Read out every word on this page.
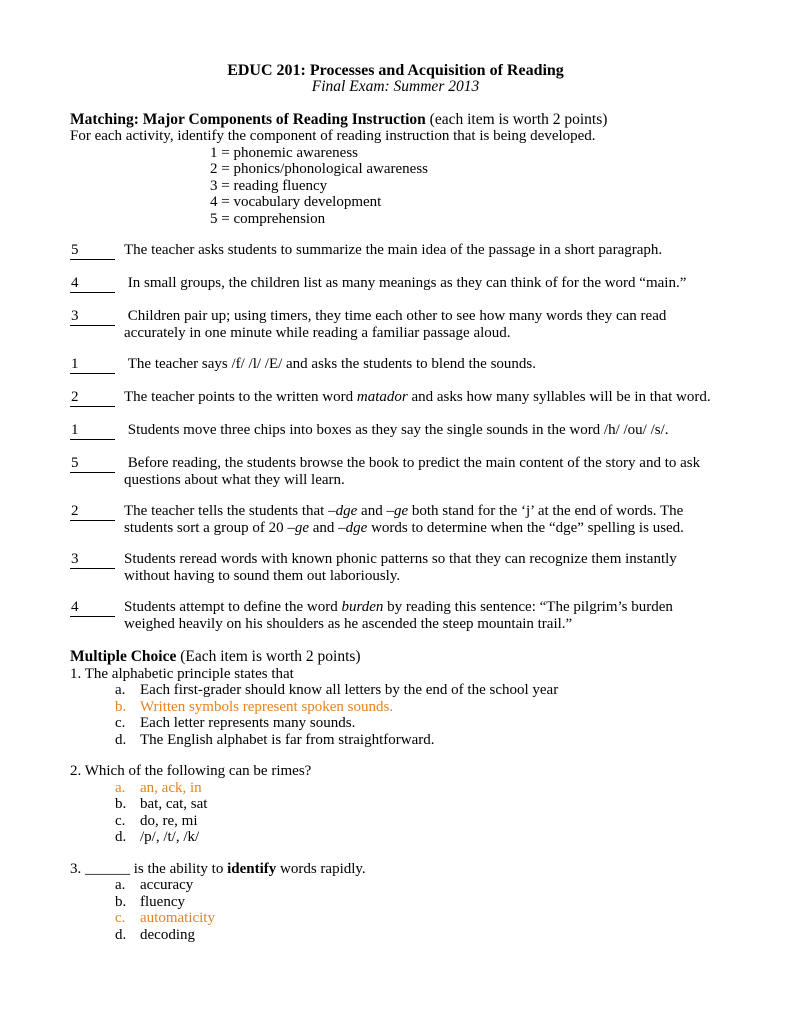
EDUC 201: Processes and Acquisition of Reading
Final Exam: Summer 2013
Matching: Major Components of Reading Instruction (each item is worth 2 points)
For each activity, identify the component of reading instruction that is being developed.
1 = phonemic awareness
2 = phonics/phonological awareness
3 = reading fluency
4 = vocabulary development
5 = comprehension
5	The teacher asks students to summarize the main idea of the passage in a short paragraph.
4	In small groups, the children list as many meanings as they can think of for the word “main.”
3	Children pair up; using timers, they time each other to see how many words they can read accurately in one minute while reading a familiar passage aloud.
1	The teacher says /f/ /l/ /E/ and asks the students to blend the sounds.
2	The teacher points to the written word matador and asks how many syllables will be in that word.
1	Students move three chips into boxes as they say the single sounds in the word /h/ /ou/ /s/.
5	Before reading, the students browse the book to predict the main content of the story and to ask questions about what they will learn.
2	The teacher tells the students that –dge and –ge both stand for the ‘j’ at the end of words. The students sort a group of 20 –ge and –dge words to determine when the “dge” spelling is used.
3	Students reread words with known phonic patterns so that they can recognize them instantly without having to sound them out laboriously.
4	Students attempt to define the word burden by reading this sentence: “The pilgrim’s burden weighed heavily on his shoulders as he ascended the steep mountain trail.”
Multiple Choice (Each item is worth 2 points)
1. The alphabetic principle states that
a. Each first-grader should know all letters by the end of the school year
b. Written symbols represent spoken sounds.
c. Each letter represents many sounds.
d. The English alphabet is far from straightforward.
2. Which of the following can be rimes?
a. an, ack, in
b. bat, cat, sat
c. do, re, mi
d. /p/, /t/, /k/
3. ______ is the ability to identify words rapidly.
a. accuracy
b. fluency
c. automaticity
d. decoding
